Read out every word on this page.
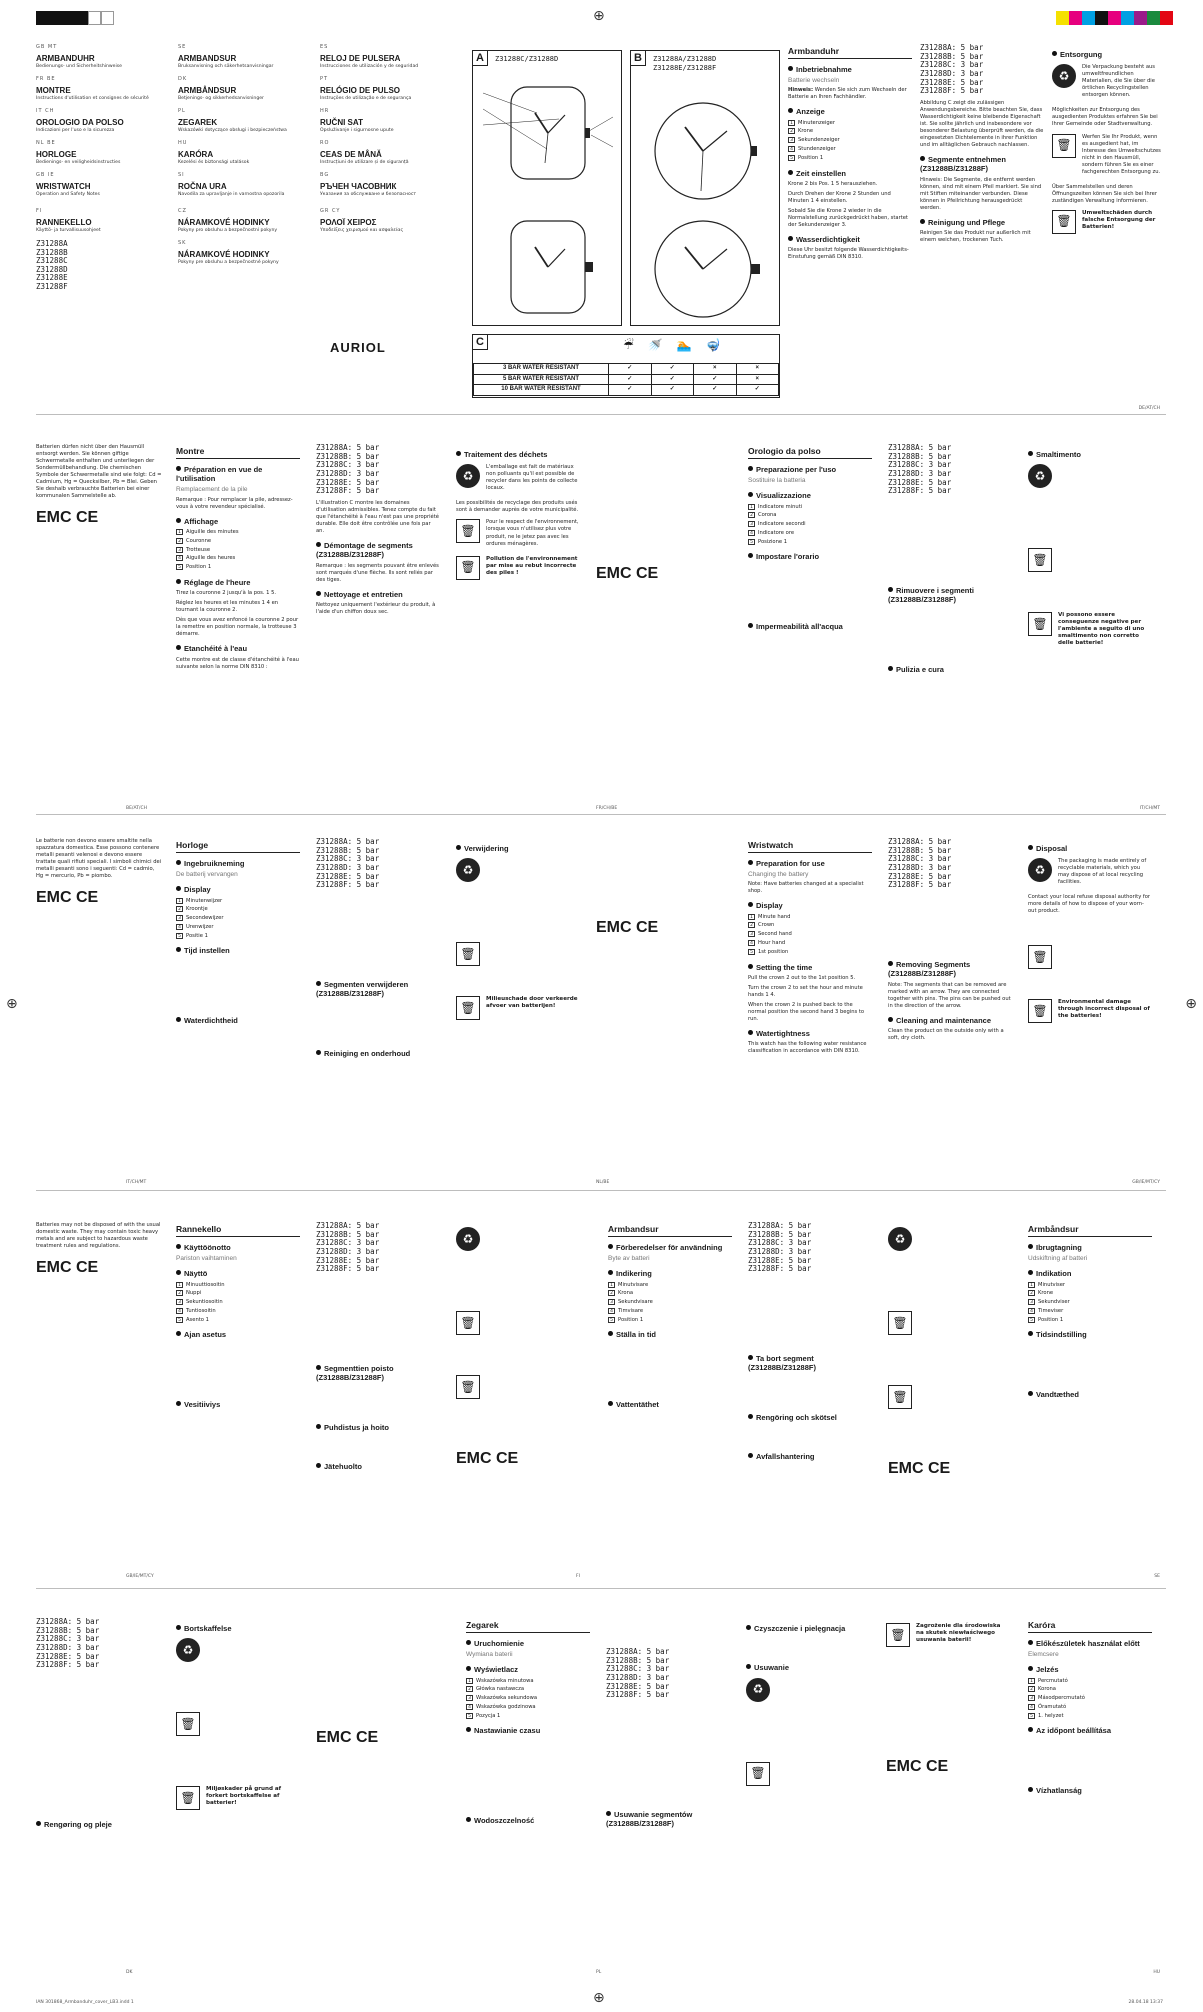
⊕
⊕	⊕
⊕
GB MT
ARMBANDUHR
Bedienungs- und Sicherheitshinweise
FR BE
MONTRE
Instructions d'utilisation et consignes de sécurité
IT CH
OROLOGIO DA POLSO
Indicazioni per l'uso e la sicurezza
NL BE
HORLOGE
Bedienings- en veiligheidsinstructies
GB IE
WRISTWATCH
Operation and Safety Notes
FI
RANNEKELLO
Käyttö- ja turvallisuusohjeet
Z31288A
Z31288B
Z31288C
Z31288D
Z31288E
Z31288F
SE
ARMBANDSUR
Bruksanvisning och säkerhetsanvisningar
DK
ARMBÅNDSUR
Betjenings- og sikkerhedsanvisninger
PL
ZEGAREK
Wskazówki dotyczące obsługi i bezpieczeństwa
HU
KARÓRA
Kezelési és biztonsági utalások
SI
ROČNA URA
Navodila za upravljanje in varnostna opozorila
CZ
NÁRAMKOVÉ HODINKY
Pokyny pro obsluhu a bezpečnostní pokyny
SK
NÁRAMKOVÉ HODINKY
Pokyny pre obsluhu a bezpečnostné pokyny
ES
RELOJ DE PULSERA
Instrucciones de utilización y de seguridad
PT
RELÓGIO DE PULSO
Instruções de utilização e de segurança
HR
RUČNI SAT
Opsluživanje i sigurnosne upute
RO
CEAS DE MÂNĂ
Instrucțiuni de utilizare și de siguranță
BG
РЪЧЕН ЧАСОВНИК
Указания за обслужване и безопасност
GR CY
ΡΟΛΟΪ ΧΕΙΡΟΣ
Υποδείξεις χειρισμού και ασφαλείας
AURIOL
A	Z31288C/Z31288D	B	Z31288A/Z31288D
Z31288E/Z31288F
C	☔🚿🏊🤿
3 BAR WATER RESISTANT	✓	✓	×	×
5 BAR WATER RESISTANT	✓	✓	✓	×
10 BAR WATER RESISTANT	✓	✓	✓	✓
Armbanduhr
Inbetriebnahme
Batterie wechseln
Hinweis: Wenden Sie sich zum Wechseln der Batterie an Ihren Fachhändler.
Anzeige
1 Minutenzeiger
2 Krone
3 Sekundenzeiger
4 Stundenzeiger
5 Position 1
Zeit einstellen
Krone 2 bis Pos. 1 5 herausziehen.
Durch Drehen der Krone 2 Stunden und Minuten 1 4 einstellen.
Sobald Sie die Krone 2 wieder in die Normalstellung zurückgedrückt haben, startet der Sekundenzeiger 3.
Wasserdichtigkeit
Diese Uhr besitzt folgende Wasserdichtigkeits-Einstufung gemäß DIN 8310.
Z31288A: 5 bar
Z31288B: 5 bar
Z31288C: 3 bar
Z31288D: 3 bar
Z31288E: 5 bar
Z31288F: 5 bar
Abbildung C zeigt die zulässigen Anwendungsbereiche. Bitte beachten Sie, dass Wasserdichtigkeit keine bleibende Eigenschaft ist. Sie sollte jährlich und insbesondere vor besonderer Belastung überprüft werden, da die eingesetzten Dichtelemente in ihrer Funktion und im alltäglichen Gebrauch nachlassen.
Segmente entnehmen (Z31288B/Z31288F)
Hinweis: Die Segmente, die entfernt werden können, sind mit einem Pfeil markiert. Sie sind mit Stiften miteinander verbunden. Diese können in Pfeilrichtung herausgedrückt werden.
Reinigung und Pflege
Reinigen Sie das Produkt nur außerlich mit einem weichen, trockenen Tuch.
Entsorgung
♻
Die Verpackung besteht aus umweltfreundlichen Materialien, die Sie über die örtlichen Recyclingstellen entsorgen können.
Möglichkeiten zur Entsorgung des ausgedienten Produktes erfahren Sie bei Ihrer Gemeinde oder Stadtverwaltung.
🗑
Werfen Sie Ihr Produkt, wenn es ausgedient hat, im Interesse des Umweltschutzes nicht in den Hausmüll, sondern führen Sie es einer fachgerechten Entsorgung zu.
Über Sammelstellen und deren Öffnungszeiten können Sie sich bei Ihrer zuständigen Verwaltung informieren.
🗑
Umweltschäden durch falsche Entsorgung der Batterien!
DE/AT/CH
Batterien dürfen nicht über den Hausmüll entsorgt werden. Sie können giftige Schwermetalle enthalten und unterliegen der Sondermüllbehandlung. Die chemischen Symbole der Schwermetalle sind wie folgt: Cd = Cadmium, Hg = Quecksilber, Pb = Blei. Geben Sie deshalb verbrauchte Batterien bei einer kommunalen Sammelstelle ab.
EMC CE
Montre
Préparation en vue de l'utilisation
Remplacement de la pile
Remarque : Pour remplacer la pile, adressez-vous à votre revendeur spécialisé.
Affichage
1 Aiguille des minutes
2 Couronne
3 Trotteuse
4 Aiguille des heures
5 Position 1
Réglage de l'heure
Tirez la couronne 2 jusqu'à la pos. 1 5.
Réglez les heures et les minutes 1 4 en tournant la couronne 2.
Dès que vous avez enfoncé la couronne 2 pour la remettre en position normale, la trotteuse 3 démarre.
Etanchéité à l'eau
Cette montre est de classe d'étanchéité à l'eau suivante selon la norme DIN 8310 :
Z31288A: 5 bar
Z31288B: 5 bar
Z31288C: 3 bar
Z31288D: 3 bar
Z31288E: 5 bar
Z31288F: 5 bar
L'illustration C montre les domaines d'utilisation admissibles. Tenez compte du fait que l'étanchéité à l'eau n'est pas une propriété durable. Elle doit être contrôlée une fois par an.
Démontage de segments (Z31288B/Z31288F)
Remarque : les segments pouvant être enlevés sont marqués d'une flèche. Ils sont reliés par des tiges.
Nettoyage et entretien
Nettoyez uniquement l'extérieur du produit, à l'aide d'un chiffon doux sec.
Traitement des déchets
♻
L'emballage est fait de matériaux non polluants qu'il est possible de recycler dans les points de collecte locaux.
Les possibilités de recyclage des produits usés sont à demander auprès de votre municipalité.
🗑
Pour le respect de l'environnement, lorsque vous n'utilisez plus votre produit, ne le jetez pas avec les ordures ménagères.
🗑
Pollution de l'environnement par mise au rebut incorrecte des piles !	EMC CE
Orologio da polso
Preparazione per l'uso
Sostituire la batteria
Visualizzazione
1 Indicatore minuti
2 Corona
3 Indicatore secondi
4 Indicatore ore
5 Posizione 1
Impostare l'orario
Impermeabilità all'acqua
Z31288A: 5 bar
Z31288B: 5 bar
Z31288C: 3 bar
Z31288D: 3 bar
Z31288E: 5 bar
Z31288F: 5 bar
Rimuovere i segmenti (Z31288B/Z31288F)
Pulizia e cura
Smaltimento
♻
🗑
🗑
Vi possono essere conseguenze negative per l'ambiente a seguito di uno smaltimento non corretto delle batterie!
BE/AT/CH	FR/CH/BE	IT/CH/MT
Le batterie non devono essere smaltite nella spazzatura domestica. Esse possono contenere metalli pesanti velenosi e devono essere trattate quali rifiuti speciali. I simboli chimici dei metalli pesanti sono i seguenti: Cd = cadmio, Hg = mercurio, Pb = piombo.
EMC CE
Horloge
Ingebruikneming
De batterij vervangen
Display
1 Minutenwijzer
2 Kroontje
3 Secondewijzer
4 Urenwijzer
5 Positie 1
Tijd instellen
Waterdichtheid
Z31288A: 5 bar
Z31288B: 5 bar
Z31288C: 3 bar
Z31288D: 3 bar
Z31288E: 5 bar
Z31288F: 5 bar
Segmenten verwijderen (Z31288B/Z31288F)
Reiniging en onderhoud
Verwijdering
♻
🗑
🗑
Milieuschade door verkeerde afvoer van batterijen!
EMC CE
Wristwatch
Preparation for use
Changing the battery
Note: Have batteries changed at a specialist shop.
Display
1 Minute hand
2 Crown
3 Second hand
4 Hour hand
5 1st position
Setting the time
Pull the crown 2 out to the 1st position 5.
Turn the crown 2 to set the hour and minute hands 1 4.
When the crown 2 is pushed back to the normal position the second hand 3 begins to run.
Watertightness
This watch has the following water resistance classification in accordance with DIN 8310.
Z31288A: 5 bar
Z31288B: 5 bar
Z31288C: 3 bar
Z31288D: 3 bar
Z31288E: 5 bar
Z31288F: 5 bar
Removing Segments (Z31288B/Z31288F)
Note: The segments that can be removed are marked with an arrow. They are connected together with pins. The pins can be pushed out in the direction of the arrow.
Cleaning and maintenance
Clean the product on the outside only with a soft, dry cloth.
Disposal
♻
The packaging is made entirely of recyclable materials, which you may dispose of at local recycling facilities.
Contact your local refuse disposal authority for more details of how to dispose of your worn-out product.
🗑
🗑
Environmental damage through incorrect disposal of the batteries!
IT/CH/MT	NL/BE	GB/IE/MT/CY
Batteries may not be disposed of with the usual domestic waste. They may contain toxic heavy metals and are subject to hazardous waste treatment rules and regulations.
EMC CE
Rannekello
Käyttöönotto
Pariston vaihtaminen
Näyttö
1 Minuuttiosoitin
2 Nuppi
3 Sekuntiosoitin
4 Tuntiosoitin
5 Asento 1
Ajan asetus
Vesitiiviys
Z31288A: 5 bar
Z31288B: 5 bar
Z31288C: 3 bar
Z31288D: 3 bar
Z31288E: 5 bar
Z31288F: 5 bar
Segmenttien poisto (Z31288B/Z31288F)
Puhdistus ja hoito
Jätehuolto
♻
🗑
🗑
EMC CE
Armbandsur
Förberedelser för användning
Byte av batteri
Indikering
1 Minutvisare
2 Krona
3 Sekundvisare
4 Timvisare
5 Position 1
Ställa in tid
Vattentäthet
Z31288A: 5 bar
Z31288B: 5 bar
Z31288C: 3 bar
Z31288D: 3 bar
Z31288E: 5 bar
Z31288F: 5 bar
Ta bort segment (Z31288B/Z31288F)
Rengöring och skötsel
Avfallshantering
♻
🗑
🗑
EMC CE
Armbåndsur
Ibrugtagning
Udskiftning af batteri
Indikation
1 Minutviser
2 Krone
3 Sekundviser
4 Timeviser
5 Position 1
Tidsindstilling
Vandtæthed
GB/IE/MT/CY	FI	SE
Z31288A: 5 bar
Z31288B: 5 bar
Z31288C: 3 bar
Z31288D: 3 bar
Z31288E: 5 bar
Z31288F: 5 bar
Rengøring og pleje
Bortskaffelse
♻
🗑
🗑
Miljøskader på grund af forkert bortskaffelse af batterier!
EMC CE
Zegarek
Uruchomienie
Wymiana baterii
Wyświetlacz
1 Wskazówka minutowa
2 Główka nastawcza
3 Wskazówka sekundowa
4 Wskazówka godzinowa
5 Pozycja 1
Nastawianie czasu
Wodoszczelność
Z31288A: 5 bar
Z31288B: 5 bar
Z31288C: 3 bar
Z31288D: 3 bar
Z31288E: 5 bar
Z31288F: 5 bar
Usuwanie segmentów (Z31288B/Z31288F)
Czyszczenie i pielęgnacja
Usuwanie
♻
🗑
🗑
Zagrożenie dla środowiska na skutek niewłaściwego usuwania baterii!
EMC CE
Karóra
Előkészületek használat előtt
Elemcsere
Jelzés
1 Percmutató
2 Korona
3 Másodpercmutató
4 Óramutató
5 1. helyzet
Az időpont beállítása
Vízhatlanság
DK	PL	HU
IAN 301868_Armbanduhr_cover_LB3.indd 1	28.04.18 13:37
